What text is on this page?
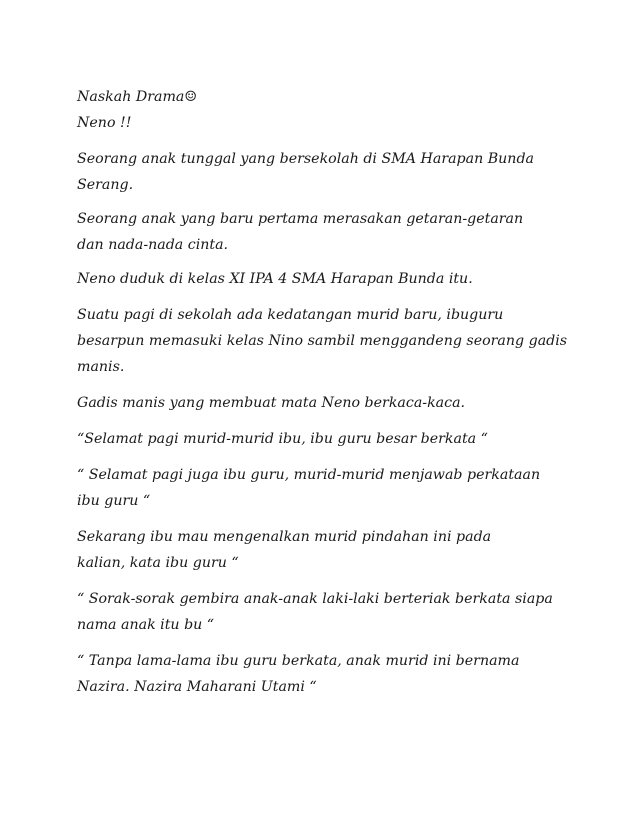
Naskah Drama☺

Neno !!

Seorang anak tunggal yang bersekolah di SMA Harapan Bunda

Serang.

Seorang anak yang baru pertama merasakan getaran-getaran

dan nada-nada cinta.

Neno duduk di kelas XI IPA 4 SMA Harapan Bunda itu.

Suatu pagi di sekolah ada kedatangan murid baru, ibuguru

besarpun memasuki kelas Nino sambil menggandeng seorang gadis

manis.

Gadis manis yang membuat mata Neno berkaca-kaca.

“Selamat pagi murid-murid ibu, ibu guru besar berkata “

“ Selamat pagi juga ibu guru, murid-murid menjawab perkataan

ibu guru “

Sekarang ibu mau mengenalkan murid pindahan ini pada

kalian, kata ibu guru “

“ Sorak-sorak gembira anak-anak laki-laki berteriak berkata siapa

nama anak itu bu “

“ Tanpa lama-lama ibu guru berkata, anak murid ini bernama

Nazira. Nazira Maharani Utami “
